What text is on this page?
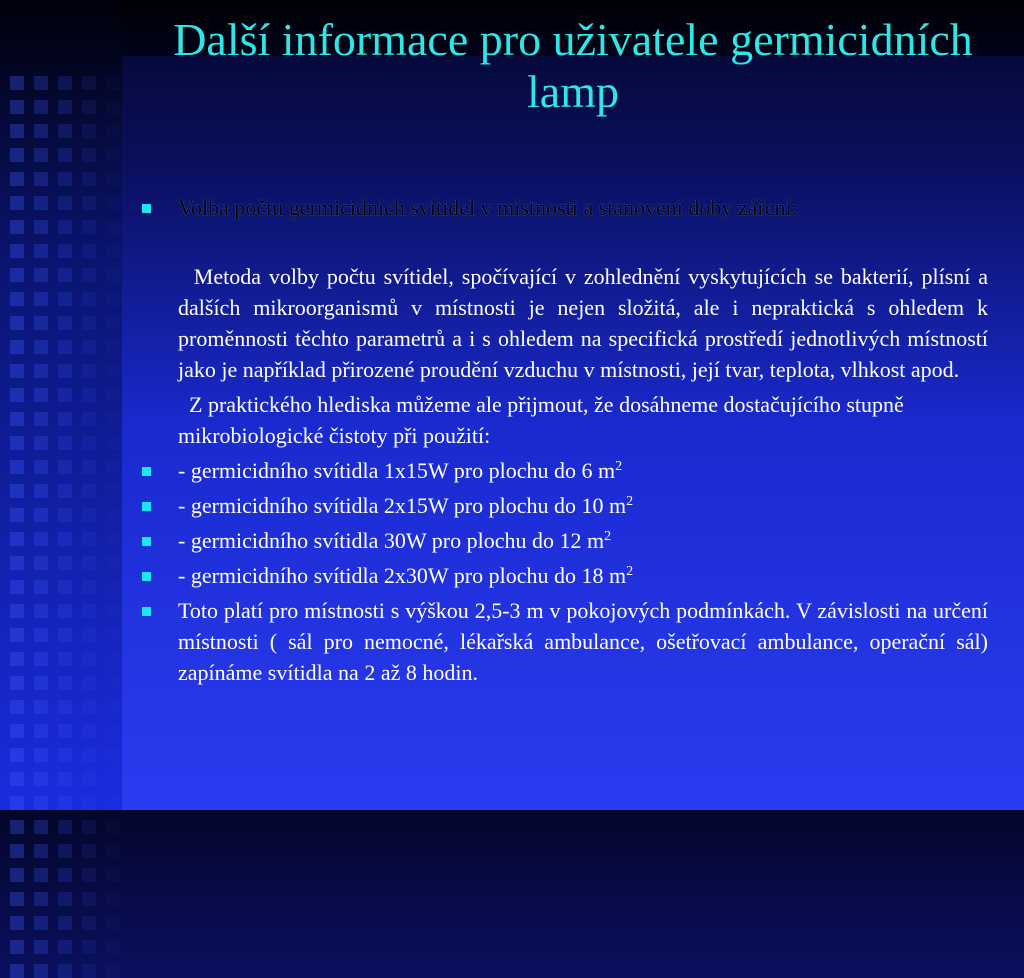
Další informace pro uživatele germicidních lamp
Volba počtu germicidních svítidel v místnosti a stanovení doby záření:

Metoda volby počtu svítidel, spočívající v zohlednění vyskytujících se bakterií, plísní a dalších mikroorganismů v místnosti je nejen složitá, ale i nepraktická s ohledem k proměnnosti těchto parametrů a i s ohledem na specifická prostředí jednotlivých místností jako je například přirozené proudění vzduchu v místnosti, její tvar, teplota, vlhkost apod.

Z praktického hlediska můžeme ale přijmout, že dosáhneme dostačujícího stupně mikrobiologické čistoty při použití:

- germicidního svítidla 1x15W pro plochu do 6 $m^2$
- germicidního svítidla 2x15W pro plochu do 10 $m^2$
- germicidního svítidla 30W pro plochu do 12 $m^2$
- germicidního svítidla 2x30W pro plochu do 18 $m^2$
Toto platí pro místnosti s výškou 2,5-3 m v pokojových podmínkách. V závislosti na určení místnosti ( sál pro nemocné, lékařská ambulance, ošetřovací ambulance, operační sál) zapínáme svítidla na 2 až 8 hodin.
